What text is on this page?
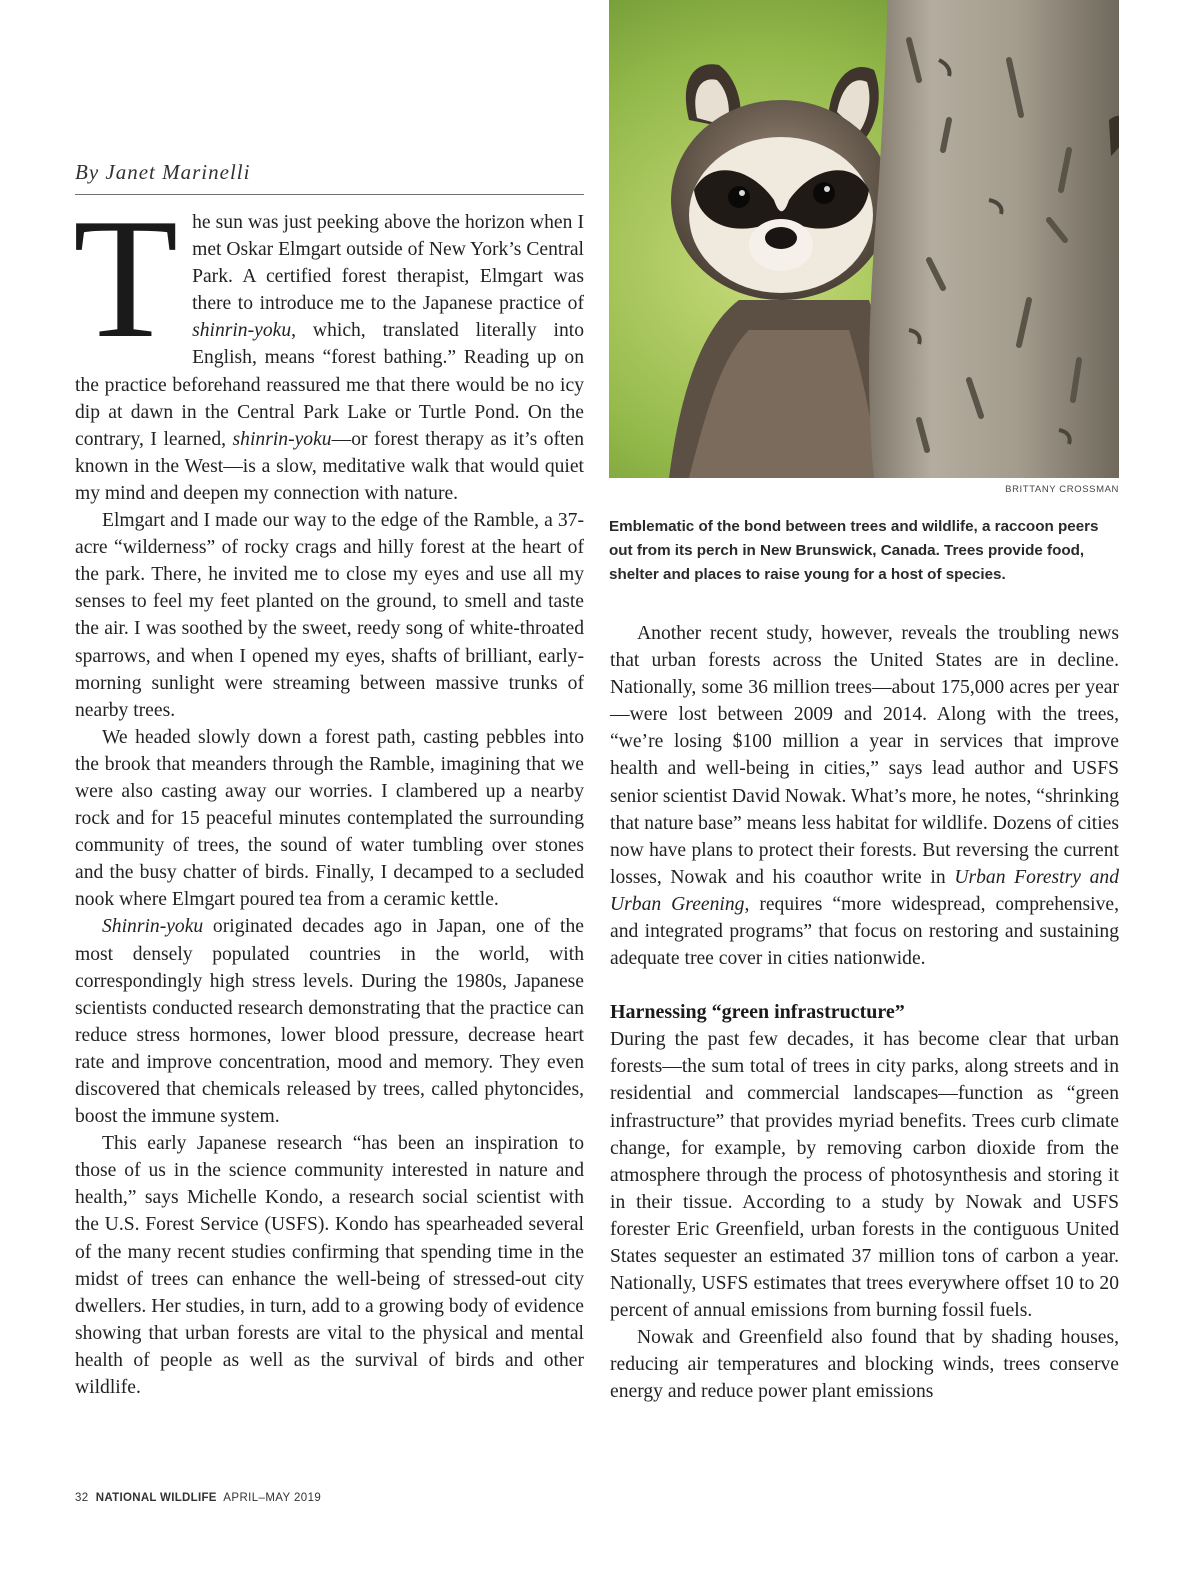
By Janet Marinelli

The sun was just peeking above the horizon when I met Oskar Elmgart outside of New York’s Central Park. A certified forest therapist, Elmgart was there to introduce me to the Japanese practice of shinrin-yoku, which, translated literally into English, means “forest bathing.” Reading up on the practice beforehand reassured me that there would be no icy dip at dawn in the Central Park Lake or Turtle Pond. On the contrary, I learned, shinrin-yoku—or forest therapy as it’s often known in the West—is a slow, meditative walk that would quiet my mind and deepen my connection with nature.

Elmgart and I made our way to the edge of the Ramble, a 37-acre “wilderness” of rocky crags and hilly forest at the heart of the park. There, he invited me to close my eyes and use all my senses to feel my feet planted on the ground, to smell and taste the air. I was soothed by the sweet, reedy song of white-throated sparrows, and when I opened my eyes, shafts of brilliant, early-morning sunlight were streaming between massive trunks of nearby trees.

We headed slowly down a forest path, casting pebbles into the brook that meanders through the Ramble, imagining that we were also casting away our worries. I clambered up a nearby rock and for 15 peaceful minutes contemplated the surrounding community of trees, the sound of water tumbling over stones and the busy chatter of birds. Finally, I decamped to a secluded nook where Elmgart poured tea from a ceramic kettle.

Shinrin-yoku originated decades ago in Japan, one of the most densely populated countries in the world, with correspondingly high stress levels. During the 1980s, Japanese scientists conducted research demonstrating that the practice can reduce stress hormones, lower blood pressure, decrease heart rate and improve concentration, mood and memory. They even discovered that chemicals released by trees, called phytoncides, boost the immune system.

This early Japanese research “has been an inspiration to those of us in the science community interested in nature and health,” says Michelle Kondo, a research social scientist with the U.S. Forest Service (USFS). Kondo has spearheaded several of the many recent studies confirming that spending time in the midst of trees can enhance the well-being of stressed-out city dwellers. Her studies, in turn, add to a growing body of evidence showing that urban forests are vital to the physical and mental health of people as well as the survival of birds and other wildlife.

BRITTANY CROSSMAN

Emblematic of the bond between trees and wildlife, a raccoon peers out from its perch in New Brunswick, Canada. Trees provide food, shelter and places to raise young for a host of species.

Another recent study, however, reveals the troubling news that urban forests across the United States are in decline. Nationally, some 36 million trees—about 175,000 acres per year—were lost between 2009 and 2014. Along with the trees, “we’re losing $100 million a year in services that improve health and well-being in cities,” says lead author and USFS senior scientist David Nowak. What’s more, he notes, “shrinking that nature base” means less habitat for wildlife. Dozens of cities now have plans to protect their forests. But reversing the current losses, Nowak and his coauthor write in Urban Forestry and Urban Greening, requires “more widespread, comprehensive, and integrated programs” that focus on restoring and sustaining adequate tree cover in cities nationwide.

Harnessing “green infrastructure”

During the past few decades, it has become clear that urban forests—the sum total of trees in city parks, along streets and in residential and commercial landscapes—function as “green infrastructure” that provides myriad benefits. Trees curb climate change, for example, by removing carbon dioxide from the atmosphere through the process of photosynthesis and storing it in their tissue. According to a study by Nowak and USFS forester Eric Greenfield, urban forests in the contiguous United States sequester an estimated 37 million tons of carbon a year. Nationally, USFS estimates that trees everywhere offset 10 to 20 percent of annual emissions from burning fossil fuels.

Nowak and Greenfield also found that by shading houses, reducing air temperatures and blocking winds, trees conserve energy and reduce power plant emissions

32 NATIONAL WILDLIFE APRIL–MAY 2019
